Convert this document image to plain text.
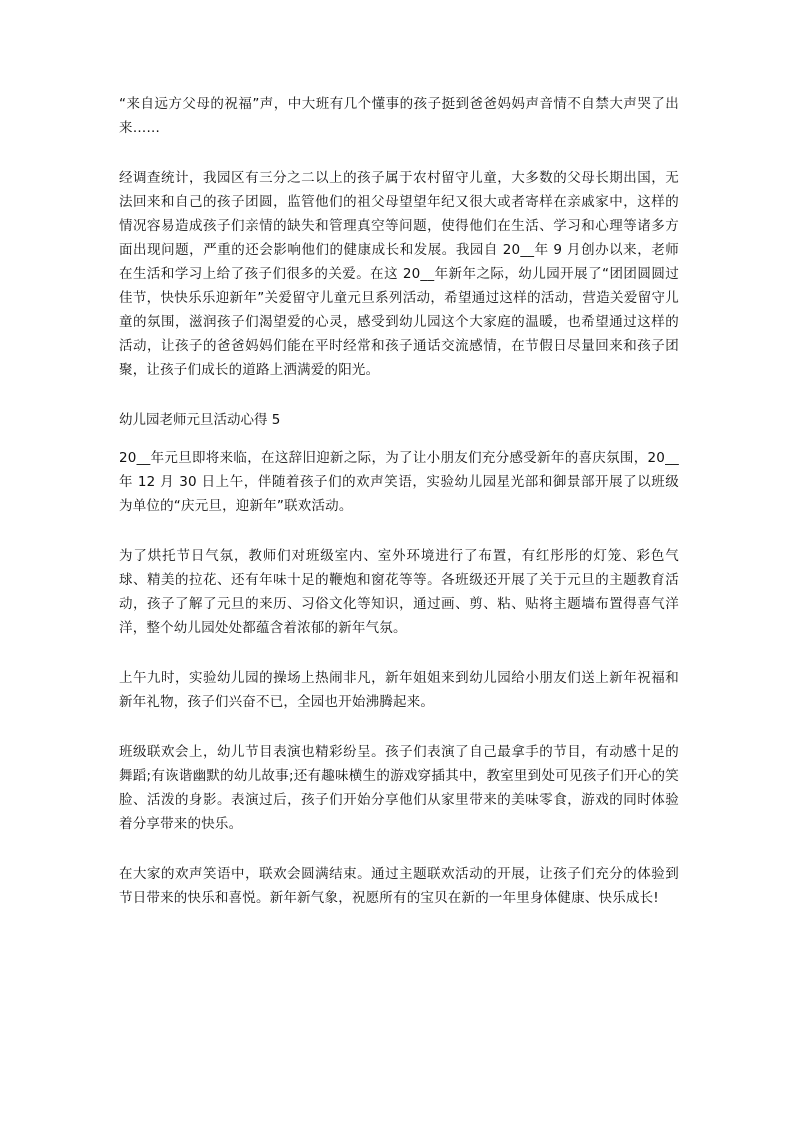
“来自远方父母的祝福”声，中大班有几个懂事的孩子挺到爸爸妈妈声音情不自禁大声哭了出来……

经调查统计，我园区有三分之二以上的孩子属于农村留守儿童，大多数的父母长期出国，无法回来和自己的孩子团圆，监管他们的祖父母望望年纪又很大或者寄样在亲戚家中，这样的情况容易造成孩子们亲情的缺失和管理真空等问题，使得他们在生活、学习和心理等诸多方面出现问题，严重的还会影响他们的健康成长和发展。我园自 20__年 9 月创办以来，老师在生活和学习上给了孩子们很多的关爱。在这 20__年新年之际，幼儿园开展了“团团圆圆过佳节，快快乐乐迎新年”关爱留守儿童元旦系列活动，希望通过这样的活动，营造关爱留守儿童的氛围，滋润孩子们渴望爱的心灵，感受到幼儿园这个大家庭的温暖，也希望通过这样的活动，让孩子的爸爸妈妈们能在平时经常和孩子通话交流感情，在节假日尽量回来和孩子团聚，让孩子们成长的道路上洒满爱的阳光。

幼儿园老师元旦活动心得 5

20__年元旦即将来临，在这辞旧迎新之际，为了让小朋友们充分感受新年的喜庆氛围，20__年 12 月 30 日上午，伴随着孩子们的欢声笑语，实验幼儿园星光部和御景部开展了以班级为单位的“庆元旦，迎新年”联欢活动。

为了烘托节日气氛，教师们对班级室内、室外环境进行了布置，有红彤彤的灯笼、彩色气球、精美的拉花、还有年味十足的鞭炮和窗花等等。各班级还开展了关于元旦的主题教育活动，孩子了解了元旦的来历、习俗文化等知识，通过画、剪、粘、贴将主题墙布置得喜气洋洋，整个幼儿园处处都蕴含着浓郁的新年气氛。

上午九时，实验幼儿园的操场上热闹非凡，新年姐姐来到幼儿园给小朋友们送上新年祝福和新年礼物，孩子们兴奋不已，全园也开始沸腾起来。

班级联欢会上，幼儿节目表演也精彩纷呈。孩子们表演了自己最拿手的节目，有动感十足的舞蹈;有诙谐幽默的幼儿故事;还有趣味横生的游戏穿插其中，教室里到处可见孩子们开心的笑脸、活泼的身影。表演过后，孩子们开始分享他们从家里带来的美味零食，游戏的同时体验着分享带来的快乐。

在大家的欢声笑语中，联欢会圆满结束。通过主题联欢活动的开展，让孩子们充分的体验到节日带来的快乐和喜悦。新年新气象，祝愿所有的宝贝在新的一年里身体健康、快乐成长!
